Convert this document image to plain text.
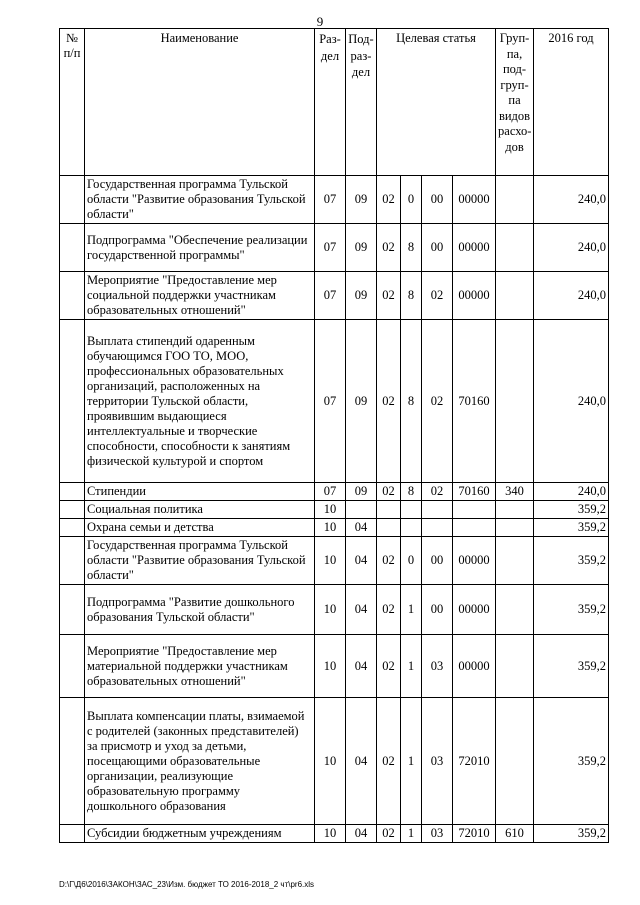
9
№ п/п	Наименование	Раз-дел	Под-раз-дел	Целевая статья				Груп-па, под-груп-па видов расхо-дов	2016 год
	Государственная программа Тульской области "Развитие образования Тульской области"	07	09	02	0	00	00000		240,0
	Подпрограмма "Обеспечение реализации государственной программы"	07	09	02	8	00	00000		240,0
	Мероприятие "Предоставление мер социальной поддержки участникам образовательных отношений"	07	09	02	8	02	00000		240,0
	Выплата стипендий одаренным обучающимся ГОО ТО, МОО, профессиональных образовательных организаций, расположенных на территории Тульской области, проявившим выдающиеся интеллектуальные и творческие способности, способности к занятиям физической культурой и спортом	07	09	02	8	02	70160		240,0
	Стипендии	07	09	02	8	02	70160	340	240,0
	Социальная политика	10							359,2
	Охрана семьи и детства	10	04						359,2
	Государственная программа Тульской области "Развитие образования Тульской области"	10	04	02	0	00	00000		359,2
	Подпрограмма "Развитие дошкольного образования Тульской области"	10	04	02	1	00	00000		359,2
	Мероприятие "Предоставление мер материальной поддержки участникам образовательных отношений"	10	04	02	1	03	00000		359,2
	Выплата компенсации платы, взимаемой с родителей (законных представителей) за присмотр и уход за детьми, посещающими образовательные организации, реализующие образовательную программу дошкольного образования	10	04	02	1	03	72010		359,2
	Субсидии бюджетным учреждениям	10	04	02	1	03	72010	610	359,2
D:\Г\Д6\2016\ЗАКОН\ЗАС_23\Изм. бюджет ТО 2016-2018_2 чт\pr6.xls
